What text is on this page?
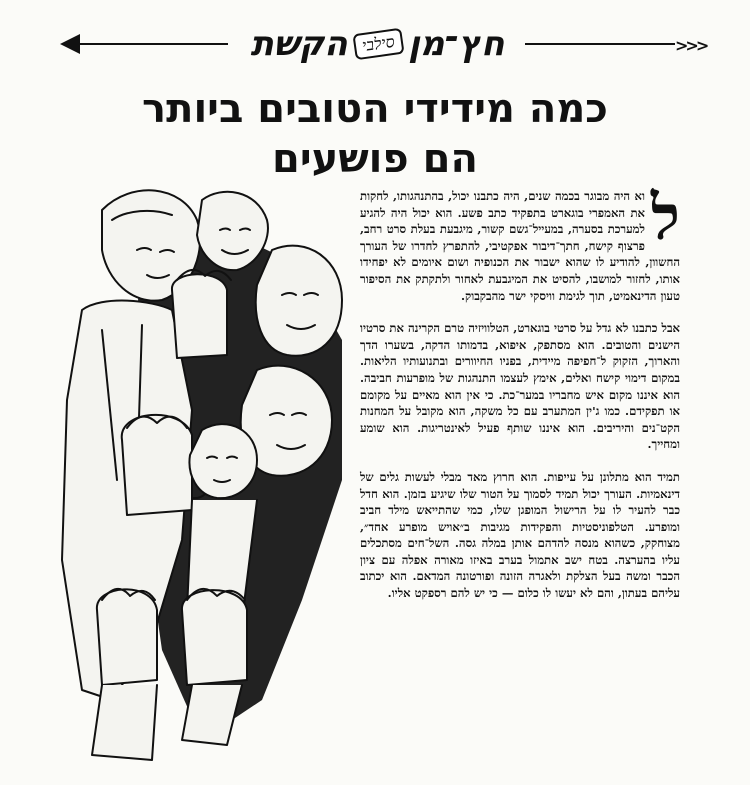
חץ־מן
סילבי
הקשת	>>>
כמה מידידי הטובים ביותר
הם פושעים
ל

וא היה מבוגר בכמה שנים, היה כתבנו יכול, בהתנהגותו, לחקות את האמפרי בוגארט בתפקיד כתב פשע. הוא יכול היה להגיע למערכת בסערה, במעייל־גשם קשור, מיגבעת בעלת סרט רחב, פרצוף קישח, חתך־דיבור אפקטיבי, להתפרץ לחדרו של העורך החשוון, להודיע לו שהוא ישבור את הכנופיה ושום איומים לא יפחידו אותו, לחזור למושבו, להסיט את המיגבעת לאחור ולתקתק את הסיפור טעון הדינאמיט, תוך לגימת וויסקי ישר מהבקבוק.

אבל כתבנו לא גדל על סרטי בוגארט, הטלוויזיה טרם הקרינה את סרטיו הישנים והטובים. הוא מסתפק, איפוא, בדמותו הדקה, בשערו הדך והארוך, הזקוק ל־חפיפה מיידית, בפניו החיוורים ובתנועותיו הליאות. במקום דימוי קישח ואלים, אימץ לעצמו התנהגות של מופרעות חביבה. הוא איננו מקום איש מחבריו במער־כת. כי אין הוא מאיים על מקומם או תפקידם. כמו ג'ין המתערב עם כל משקה, הוא מקובל על המחנות הקט־נים והיריבים. הוא איננו שותף פעיל לאינטריגות. הוא שומע ומחייך.

תמיד הוא מתלונן על עייפות. הוא חרוץ מאד מבלי לעשות גלים של דינאמיות. העורך יכול תמיד לסמוך על הטור שלו שיגיע בזמן. הוא חדל כבר להעיר לו על הרישול המופגן שלו, כמי שהתייאש מילד חביב ומופרע. הטלפוניסטיות והפקידות מגיבות ב״אויש מופרע אחד״, מצוחקק, כשהוא מנסה להדהם אותן במלה גסה. השל־חים מסתכלים עליו בהערצה. בטח ישב אתמול בערב באיזו מאורה אפלה עם ציון הכבר ומשה בעל הצלקת ולאגרה הזונה ופורטונה המדאם. הוא יכתוב עליהם בעתון, והם לא יעשו לו כלום — כי יש להם רספקט אליו.
